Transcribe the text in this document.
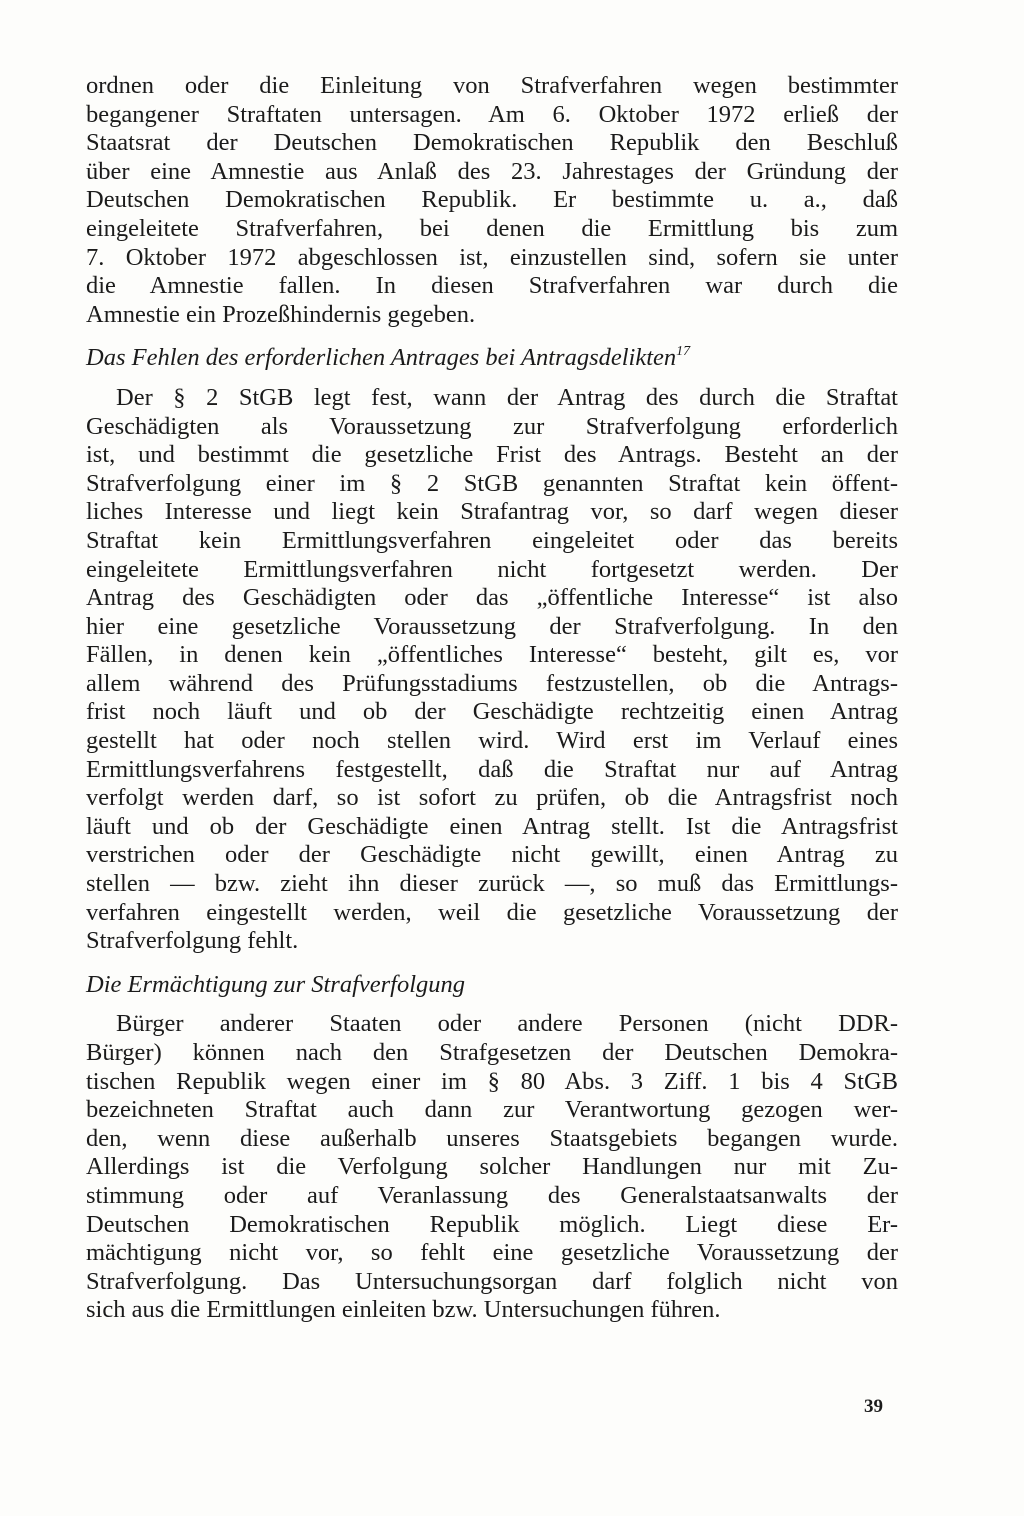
ordnen oder die Einleitung von Strafverfahren wegen bestimmter
begangener Straftaten untersagen. Am 6. Oktober 1972 erließ der
Staatsrat der Deutschen Demokratischen Republik den Beschluß
über eine Amnestie aus Anlaß des 23. Jahrestages der Gründung der
Deutschen Demokratischen Republik. Er bestimmte u. a., daß
eingeleitete Strafverfahren, bei denen die Ermittlung bis zum
7. Oktober 1972 abgeschlossen ist, einzustellen sind, sofern sie unter
die Amnestie fallen. In diesen Strafverfahren war durch die
Amnestie ein Prozeßhindernis gegeben.
Das Fehlen des erforderlichen Antrages bei Antragsdelikten$^{17}$
Der § 2 StGB legt fest, wann der Antrag des durch die Straftat
Geschädigten als Voraussetzung zur Strafverfolgung erforderlich
ist, und bestimmt die gesetzliche Frist des Antrags. Besteht an der
Strafverfolgung einer im § 2 StGB genannten Straftat kein öffent-
liches Interesse und liegt kein Strafantrag vor, so darf wegen dieser
Straftat kein Ermittlungsverfahren eingeleitet oder das bereits
eingeleitete Ermittlungsverfahren nicht fortgesetzt werden. Der
Antrag des Geschädigten oder das „öffentliche Interesse“ ist also
hier eine gesetzliche Voraussetzung der Strafverfolgung. In den
Fällen, in denen kein „öffentliches Interesse“ besteht, gilt es, vor
allem während des Prüfungsstadiums festzustellen, ob die Antrags-
frist noch läuft und ob der Geschädigte rechtzeitig einen Antrag
gestellt hat oder noch stellen wird. Wird erst im Verlauf eines
Ermittlungsverfahrens festgestellt, daß die Straftat nur auf Antrag
verfolgt werden darf, so ist sofort zu prüfen, ob die Antragsfrist noch
läuft und ob der Geschädigte einen Antrag stellt. Ist die Antragsfrist
verstrichen oder der Geschädigte nicht gewillt, einen Antrag zu
stellen — bzw. zieht ihn dieser zurück —, so muß das Ermittlungs-
verfahren eingestellt werden, weil die gesetzliche Voraussetzung der
Strafverfolgung fehlt.
Die Ermächtigung zur Strafverfolgung
Bürger anderer Staaten oder andere Personen (nicht DDR-
Bürger) können nach den Strafgesetzen der Deutschen Demokra-
tischen Republik wegen einer im § 80 Abs. 3 Ziff. 1 bis 4 StGB
bezeichneten Straftat auch dann zur Verantwortung gezogen wer-
den, wenn diese außerhalb unseres Staatsgebiets begangen wurde.
Allerdings ist die Verfolgung solcher Handlungen nur mit Zu-
stimmung oder auf Veranlassung des Generalstaatsanwalts der
Deutschen Demokratischen Republik möglich. Liegt diese Er-
mächtigung nicht vor, so fehlt eine gesetzliche Voraussetzung der
Strafverfolgung. Das Untersuchungsorgan darf folglich nicht von
sich aus die Ermittlungen einleiten bzw. Untersuchungen führen.
39
